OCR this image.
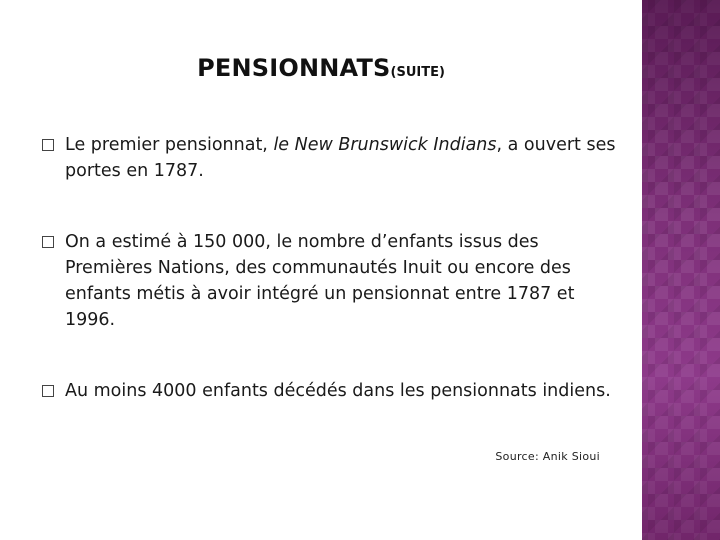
PENSIONNATS(SUITE)
Le premier pensionnat, le New Brunswick Indians, a ouvert ses portes en 1787.
On a estimé à 150 000, le nombre d’enfants issus des Premières Nations, des communautés Inuit ou encore des enfants métis à avoir intégré un pensionnat entre 1787 et 1996.
Au moins 4000 enfants décédés dans les pensionnats indiens.
Source: Anik Sioui
